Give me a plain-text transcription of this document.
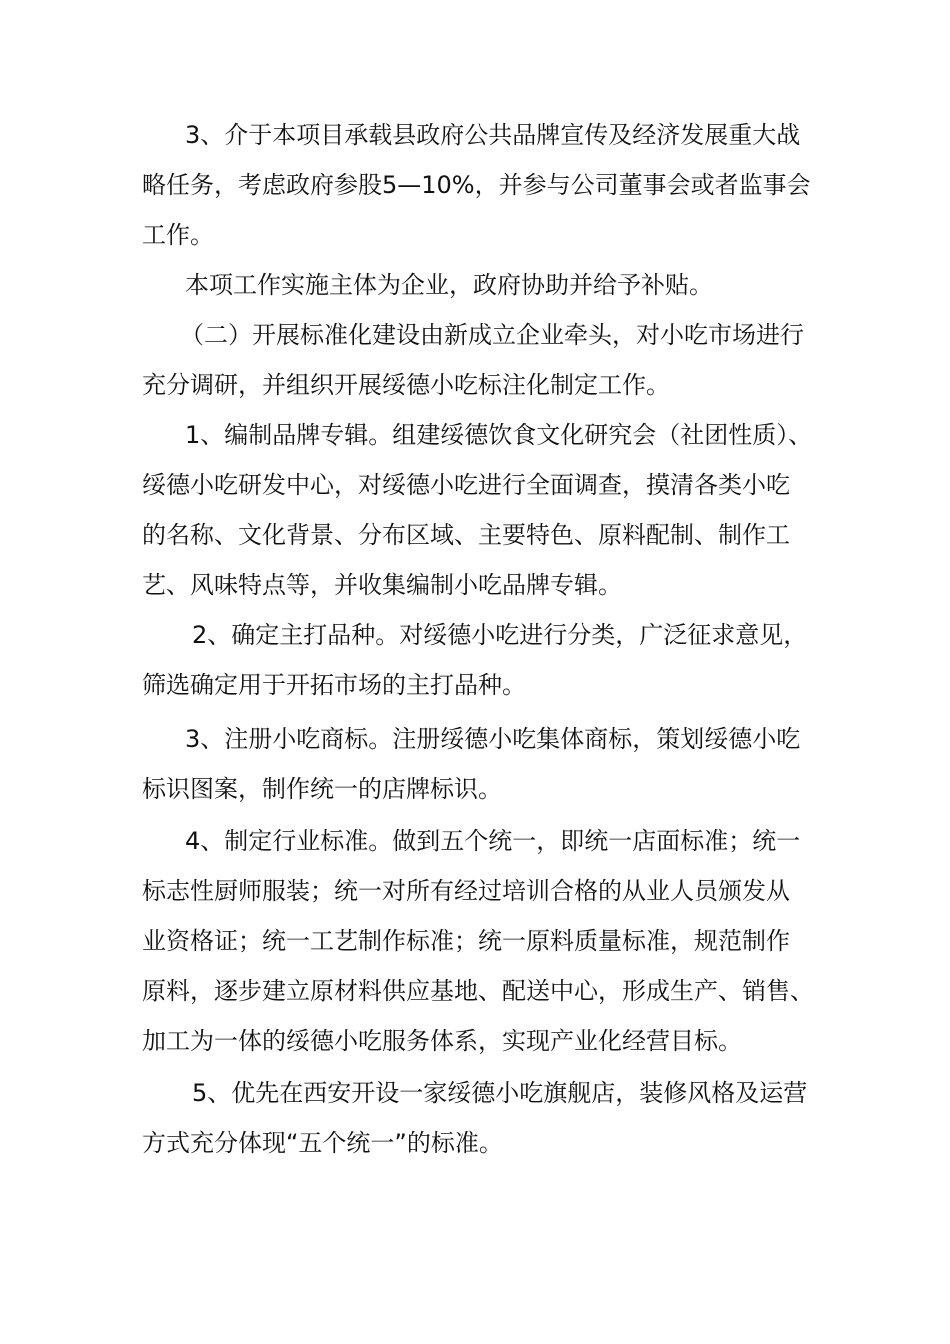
3、介于本项目承载县政府公共品牌宣传及经济发展重大战
略任务，考虑政府参股5—10%，并参与公司董事会或者监事会
工作。
本项工作实施主体为企业，政府协助并给予补贴。
（二）开展标准化建设由新成立企业牵头，对小吃市场进行
充分调研，并组织开展绥德小吃标注化制定工作。
1、编制品牌专辑。组建绥德饮食文化研究会（社团性质）、
绥德小吃研发中心，对绥德小吃进行全面调查，摸清各类小吃
的名称、文化背景、分布区域、主要特色、原料配制、制作工
艺、风味特点等，并收集编制小吃品牌专辑。
2、确定主打品种。对绥德小吃进行分类，广泛征求意见，
筛选确定用于开拓市场的主打品种。
3、注册小吃商标。注册绥德小吃集体商标，策划绥德小吃
标识图案，制作统一的店牌标识。
4、制定行业标准。做到五个统一，即统一店面标准；统一
标志性厨师服装；统一对所有经过培训合格的从业人员颁发从
业资格证；统一工艺制作标准；统一原料质量标准，规范制作
原料，逐步建立原材料供应基地、配送中心，形成生产、销售、
加工为一体的绥德小吃服务体系，实现产业化经营目标。
5、优先在西安开设一家绥德小吃旗舰店，装修风格及运营
方式充分体现“五个统一”的标准。
